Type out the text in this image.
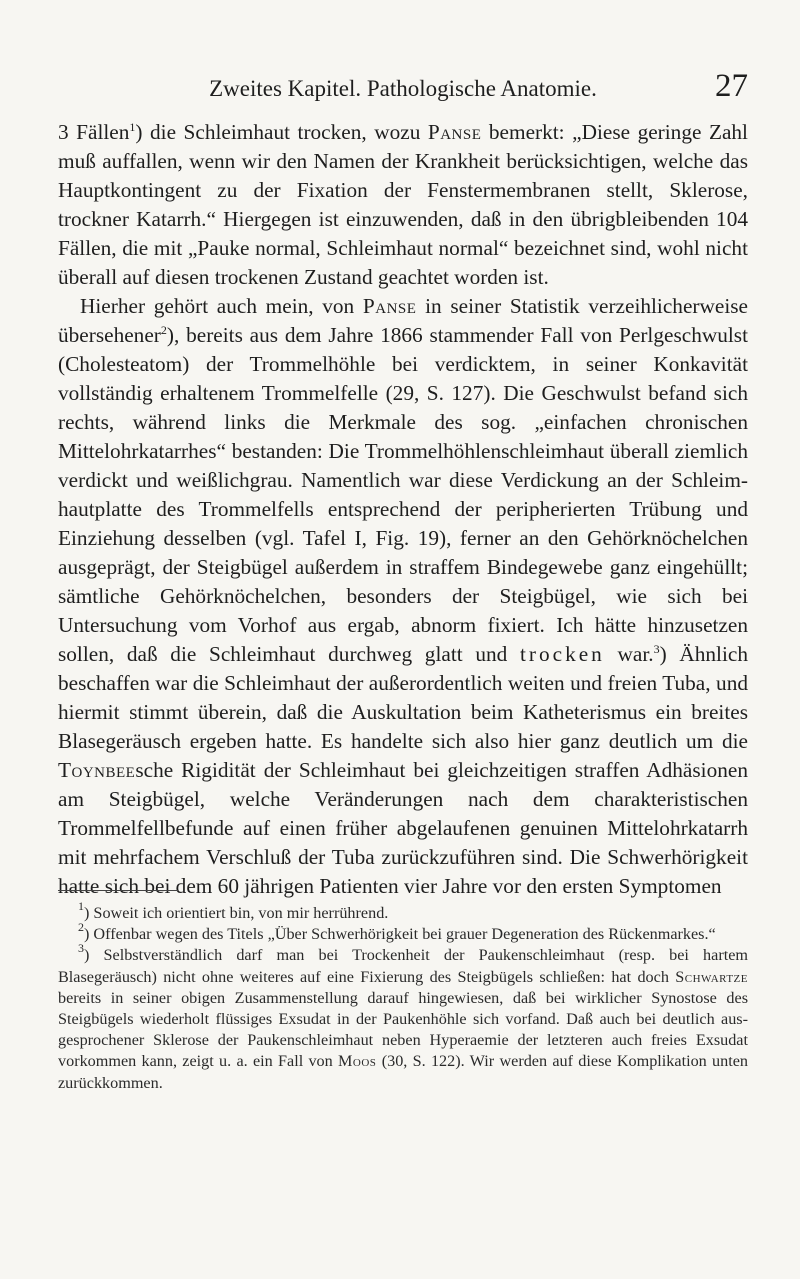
Zweites Kapitel. Pathologische Anatomie.	27

3 Fällen$^1$) die Schleimhaut trocken, wozu Panse bemerkt: „Diese geringe Zahl muß auffallen, wenn wir den Namen der Krankheit berücksichtigen, welche das Hauptkontingent zu der Fixation der Fenstermembranen stellt, Sklerose, trockner Katarrh.“ Hiergegen ist einzuwenden, daß in den übrigbleibenden 104 Fällen, die mit „Pauke normal, Schleimhaut normal“ bezeichnet sind, wohl nicht überall auf diesen trockenen Zustand geachtet worden ist.

Hierher gehört auch mein, von Panse in seiner Statistik verzeihlicherweise übersehener$^2$), bereits aus dem Jahre 1866 stammender Fall von Perlgeschwulst (Cholesteatom) der Trommelhöhle bei verdicktem, in seiner Konkavität vollständig erhaltenem Trommelfelle (29, S. 127). Die Geschwulst befand sich rechts, während links die Merkmale des sog. „einfachen chronischen Mittelohrkatarrhes“ bestanden: Die Trommelhöhlenschleimhaut überall ziemlich verdickt und weißlichgrau. Namentlich war diese Verdickung an der Schleimhautplatte des Trommelfells entsprechend der peripherierten Trübung und Einziehung desselben (vgl. Tafel I, Fig. 19), ferner an den Gehörknöchelchen ausgeprägt, der Steigbügel außerdem in straffem Bindegewebe ganz eingehüllt; sämtliche Gehörknöchelchen, besonders der Steigbügel, wie sich bei Untersuchung vom Vorhof aus ergab, abnorm fixiert. Ich hätte hinzusetzen sollen, daß die Schleimhaut durchweg glatt und trocken war.$^3$) Ähnlich beschaffen war die Schleimhaut der außerordentlich weiten und freien Tuba, und hiermit stimmt überein, daß die Auskultation beim Katheterismus ein breites Blasegeräusch ergeben hatte. Es handelte sich also hier ganz deutlich um die Toynbeesche Rigidität der Schleimhaut bei gleichzeitigen straffen Adhäsionen am Steigbügel, welche Veränderungen nach dem charakteristischen Trommelfellbefunde auf einen früher abgelaufenen genuinen Mittelohrkatarrh mit mehrfachem Verschluß der Tuba zurückzuführen sind. Die Schwerhörigkeit hatte sich bei dem 60 jährigen Patienten vier Jahre vor den ersten Symptomen

$^1$) Soweit ich orientiert bin, von mir herrührend.

$^2$) Offenbar wegen des Titels „Über Schwerhörigkeit bei grauer Degeneration des Rückenmarkes.“

$^3$) Selbstverständlich darf man bei Trockenheit der Paukenschleimhaut (resp. bei hartem Blasegeräusch) nicht ohne weiteres auf eine Fixierung des Steigbügels schließen: hat doch Schwartze bereits in seiner obigen Zusammenstellung darauf hingewiesen, daß bei wirklicher Synostose des Steigbügels wiederholt flüssiges Exsudat in der Paukenhöhle sich vorfand. Daß auch bei deutlich ausgesprochener Sklerose der Paukenschleimhaut neben Hyperaemie der letzteren auch freies Exsudat vorkommen kann, zeigt u. a. ein Fall von Moos (30, S. 122). Wir werden auf diese Komplikation unten zurückkommen.
